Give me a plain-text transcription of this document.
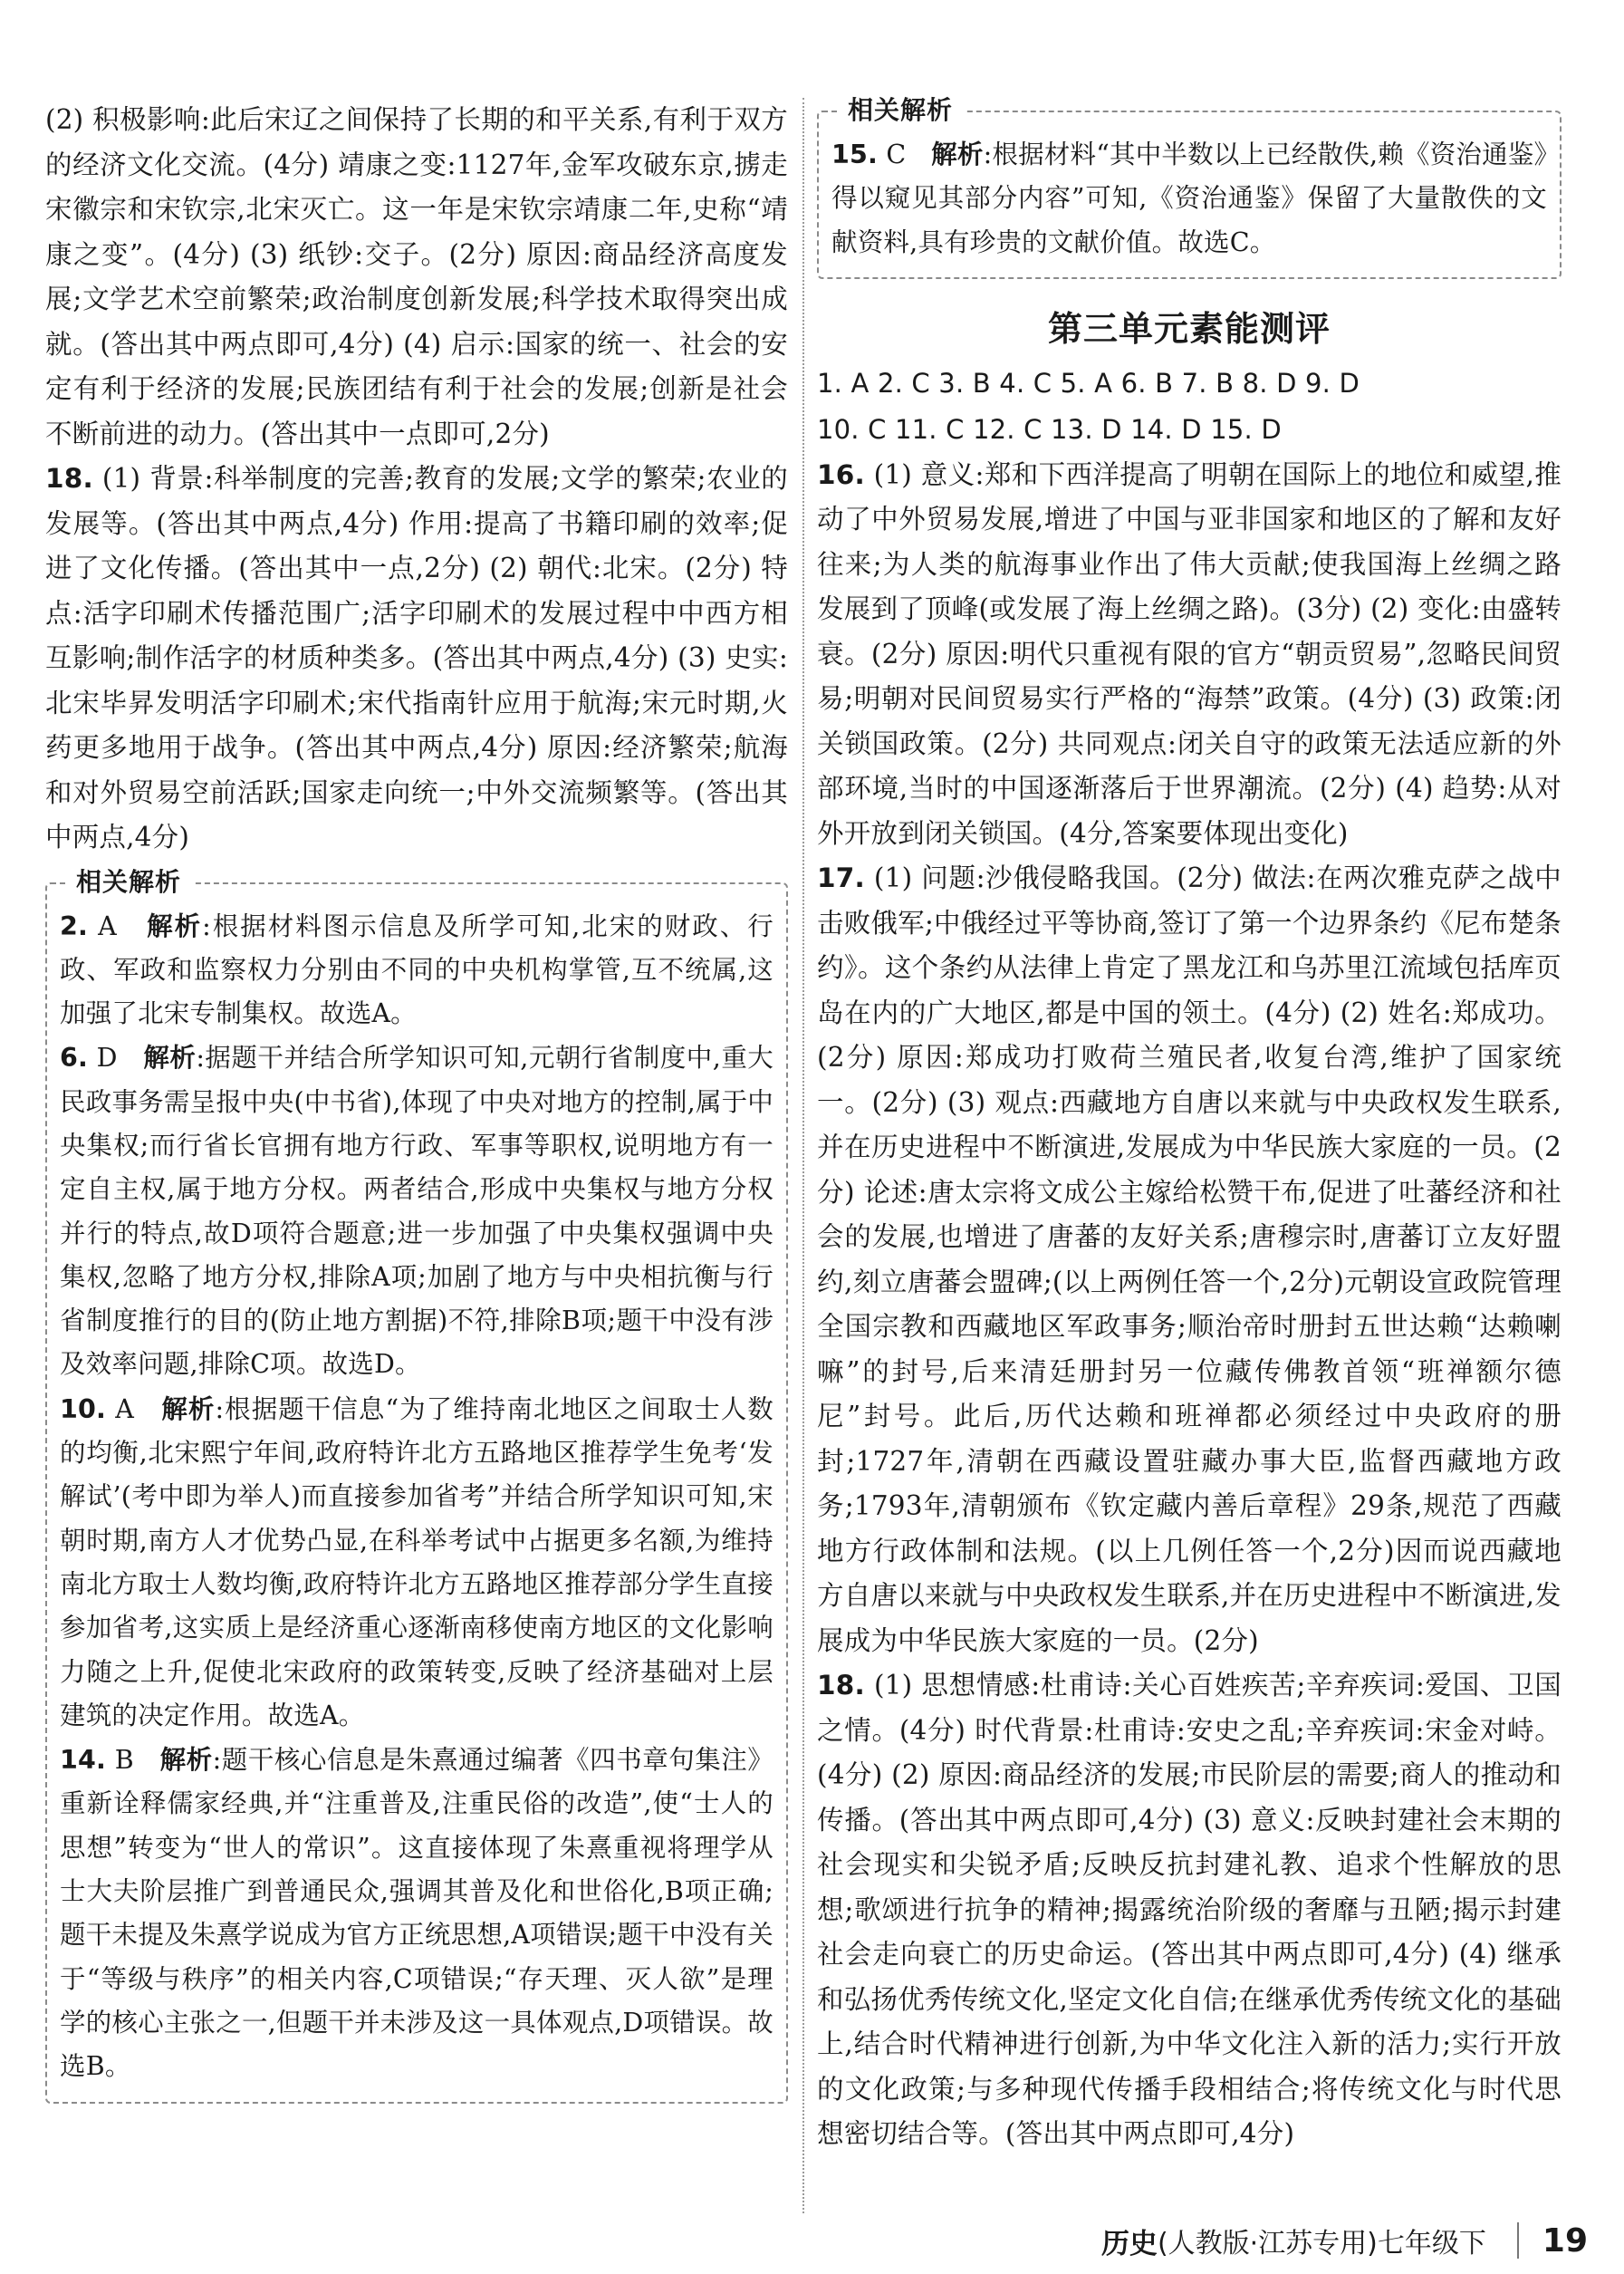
(2) 积极影响:此后宋辽之间保持了长期的和平关系,有利于双方的经济文化交流。(4分) 靖康之变:1127年,金军攻破东京,掳走宋徽宗和宋钦宗,北宋灭亡。这一年是宋钦宗靖康二年,史称“靖康之变”。(4分) (3) 纸钞:交子。(2分) 原因:商品经济高度发展;文学艺术空前繁荣;政治制度创新发展;科学技术取得突出成就。(答出其中两点即可,4分) (4) 启示:国家的统一、社会的安定有利于经济的发展;民族团结有利于社会的发展;创新是社会不断前进的动力。(答出其中一点即可,2分)

18. (1) 背景:科举制度的完善;教育的发展;文学的繁荣;农业的发展等。(答出其中两点,4分) 作用:提高了书籍印刷的效率;促进了文化传播。(答出其中一点,2分) (2) 朝代:北宋。(2分) 特点:活字印刷术传播范围广;活字印刷术的发展过程中中西方相互影响;制作活字的材质种类多。(答出其中两点,4分) (3) 史实:北宋毕昇发明活字印刷术;宋代指南针应用于航海;宋元时期,火药更多地用于战争。(答出其中两点,4分) 原因:经济繁荣;航海和对外贸易空前活跃;国家走向统一;中外交流频繁等。(答出其中两点,4分)

相关解析

2. A 解析:根据材料图示信息及所学可知,北宋的财政、行政、军政和监察权力分别由不同的中央机构掌管,互不统属,这加强了北宋专制集权。故选A。

6. D 解析:据题干并结合所学知识可知,元朝行省制度中,重大民政事务需呈报中央(中书省),体现了中央对地方的控制,属于中央集权;而行省长官拥有地方行政、军事等职权,说明地方有一定自主权,属于地方分权。两者结合,形成中央集权与地方分权并行的特点,故D项符合题意;进一步加强了中央集权强调中央集权,忽略了地方分权,排除A项;加剧了地方与中央相抗衡与行省制度推行的目的(防止地方割据)不符,排除B项;题干中没有涉及效率问题,排除C项。故选D。

10. A 解析:根据题干信息“为了维持南北地区之间取士人数的均衡,北宋熙宁年间,政府特许北方五路地区推荐学生免考‘发解试’(考中即为举人)而直接参加省考”并结合所学知识可知,宋朝时期,南方人才优势凸显,在科举考试中占据更多名额,为维持南北方取士人数均衡,政府特许北方五路地区推荐部分学生直接参加省考,这实质上是经济重心逐渐南移使南方地区的文化影响力随之上升,促使北宋政府的政策转变,反映了经济基础对上层建筑的决定作用。故选A。

14. B 解析:题干核心信息是朱熹通过编著《四书章句集注》重新诠释儒家经典,并“注重普及,注重民俗的改造”,使“士人的思想”转变为“世人的常识”。这直接体现了朱熹重视将理学从士大夫阶层推广到普通民众,强调其普及化和世俗化,B项正确;题干未提及朱熹学说成为官方正统思想,A项错误;题干中没有关于“等级与秩序”的相关内容,C项错误;“存天理、灭人欲”是理学的核心主张之一,但题干并未涉及这一具体观点,D项错误。故选B。

相关解析

15. C 解析:根据材料“其中半数以上已经散佚,赖《资治通鉴》得以窥见其部分内容”可知,《资治通鉴》保留了大量散佚的文献资料,具有珍贵的文献价值。故选C。

第三单元素能测评

1. A 2. C 3. B 4. C 5. A 6. B 7. B 8. D 9. D

10. C 11. C 12. C 13. D 14. D 15. D

16. (1) 意义:郑和下西洋提高了明朝在国际上的地位和威望,推动了中外贸易发展,增进了中国与亚非国家和地区的了解和友好往来;为人类的航海事业作出了伟大贡献;使我国海上丝绸之路发展到了顶峰(或发展了海上丝绸之路)。(3分) (2) 变化:由盛转衰。(2分) 原因:明代只重视有限的官方“朝贡贸易”,忽略民间贸易;明朝对民间贸易实行严格的“海禁”政策。(4分) (3) 政策:闭关锁国政策。(2分) 共同观点:闭关自守的政策无法适应新的外部环境,当时的中国逐渐落后于世界潮流。(2分) (4) 趋势:从对外开放到闭关锁国。(4分,答案要体现出变化)

17. (1) 问题:沙俄侵略我国。(2分) 做法:在两次雅克萨之战中击败俄军;中俄经过平等协商,签订了第一个边界条约《尼布楚条约》。这个条约从法律上肯定了黑龙江和乌苏里江流域包括库页岛在内的广大地区,都是中国的领土。(4分) (2) 姓名:郑成功。(2分) 原因:郑成功打败荷兰殖民者,收复台湾,维护了国家统一。(2分) (3) 观点:西藏地方自唐以来就与中央政权发生联系,并在历史进程中不断演进,发展成为中华民族大家庭的一员。(2分) 论述:唐太宗将文成公主嫁给松赞干布,促进了吐蕃经济和社会的发展,也增进了唐蕃的友好关系;唐穆宗时,唐蕃订立友好盟约,刻立唐蕃会盟碑;(以上两例任答一个,2分)元朝设宣政院管理全国宗教和西藏地区军政事务;顺治帝时册封五世达赖“达赖喇嘛”的封号,后来清廷册封另一位藏传佛教首领“班禅额尔德尼”封号。此后,历代达赖和班禅都必须经过中央政府的册封;1727年,清朝在西藏设置驻藏办事大臣,监督西藏地方政务;1793年,清朝颁布《钦定藏内善后章程》29条,规范了西藏地方行政体制和法规。(以上几例任答一个,2分)因而说西藏地方自唐以来就与中央政权发生联系,并在历史进程中不断演进,发展成为中华民族大家庭的一员。(2分)

18. (1) 思想情感:杜甫诗:关心百姓疾苦;辛弃疾词:爱国、卫国之情。(4分) 时代背景:杜甫诗:安史之乱;辛弃疾词:宋金对峙。(4分) (2) 原因:商品经济的发展;市民阶层的需要;商人的推动和传播。(答出其中两点即可,4分) (3) 意义:反映封建社会末期的社会现实和尖锐矛盾;反映反抗封建礼教、追求个性解放的思想;歌颂进行抗争的精神;揭露统治阶级的奢靡与丑陋;揭示封建社会走向衰亡的历史命运。(答出其中两点即可,4分) (4) 继承和弘扬优秀传统文化,坚定文化自信;在继承优秀传统文化的基础上,结合时代精神进行创新,为中华文化注入新的活力;实行开放的文化政策;与多种现代传播手段相结合;将传统文化与时代思想密切结合等。(答出其中两点即可,4分)

历史 (人教版·江苏专用)七年级下 19
